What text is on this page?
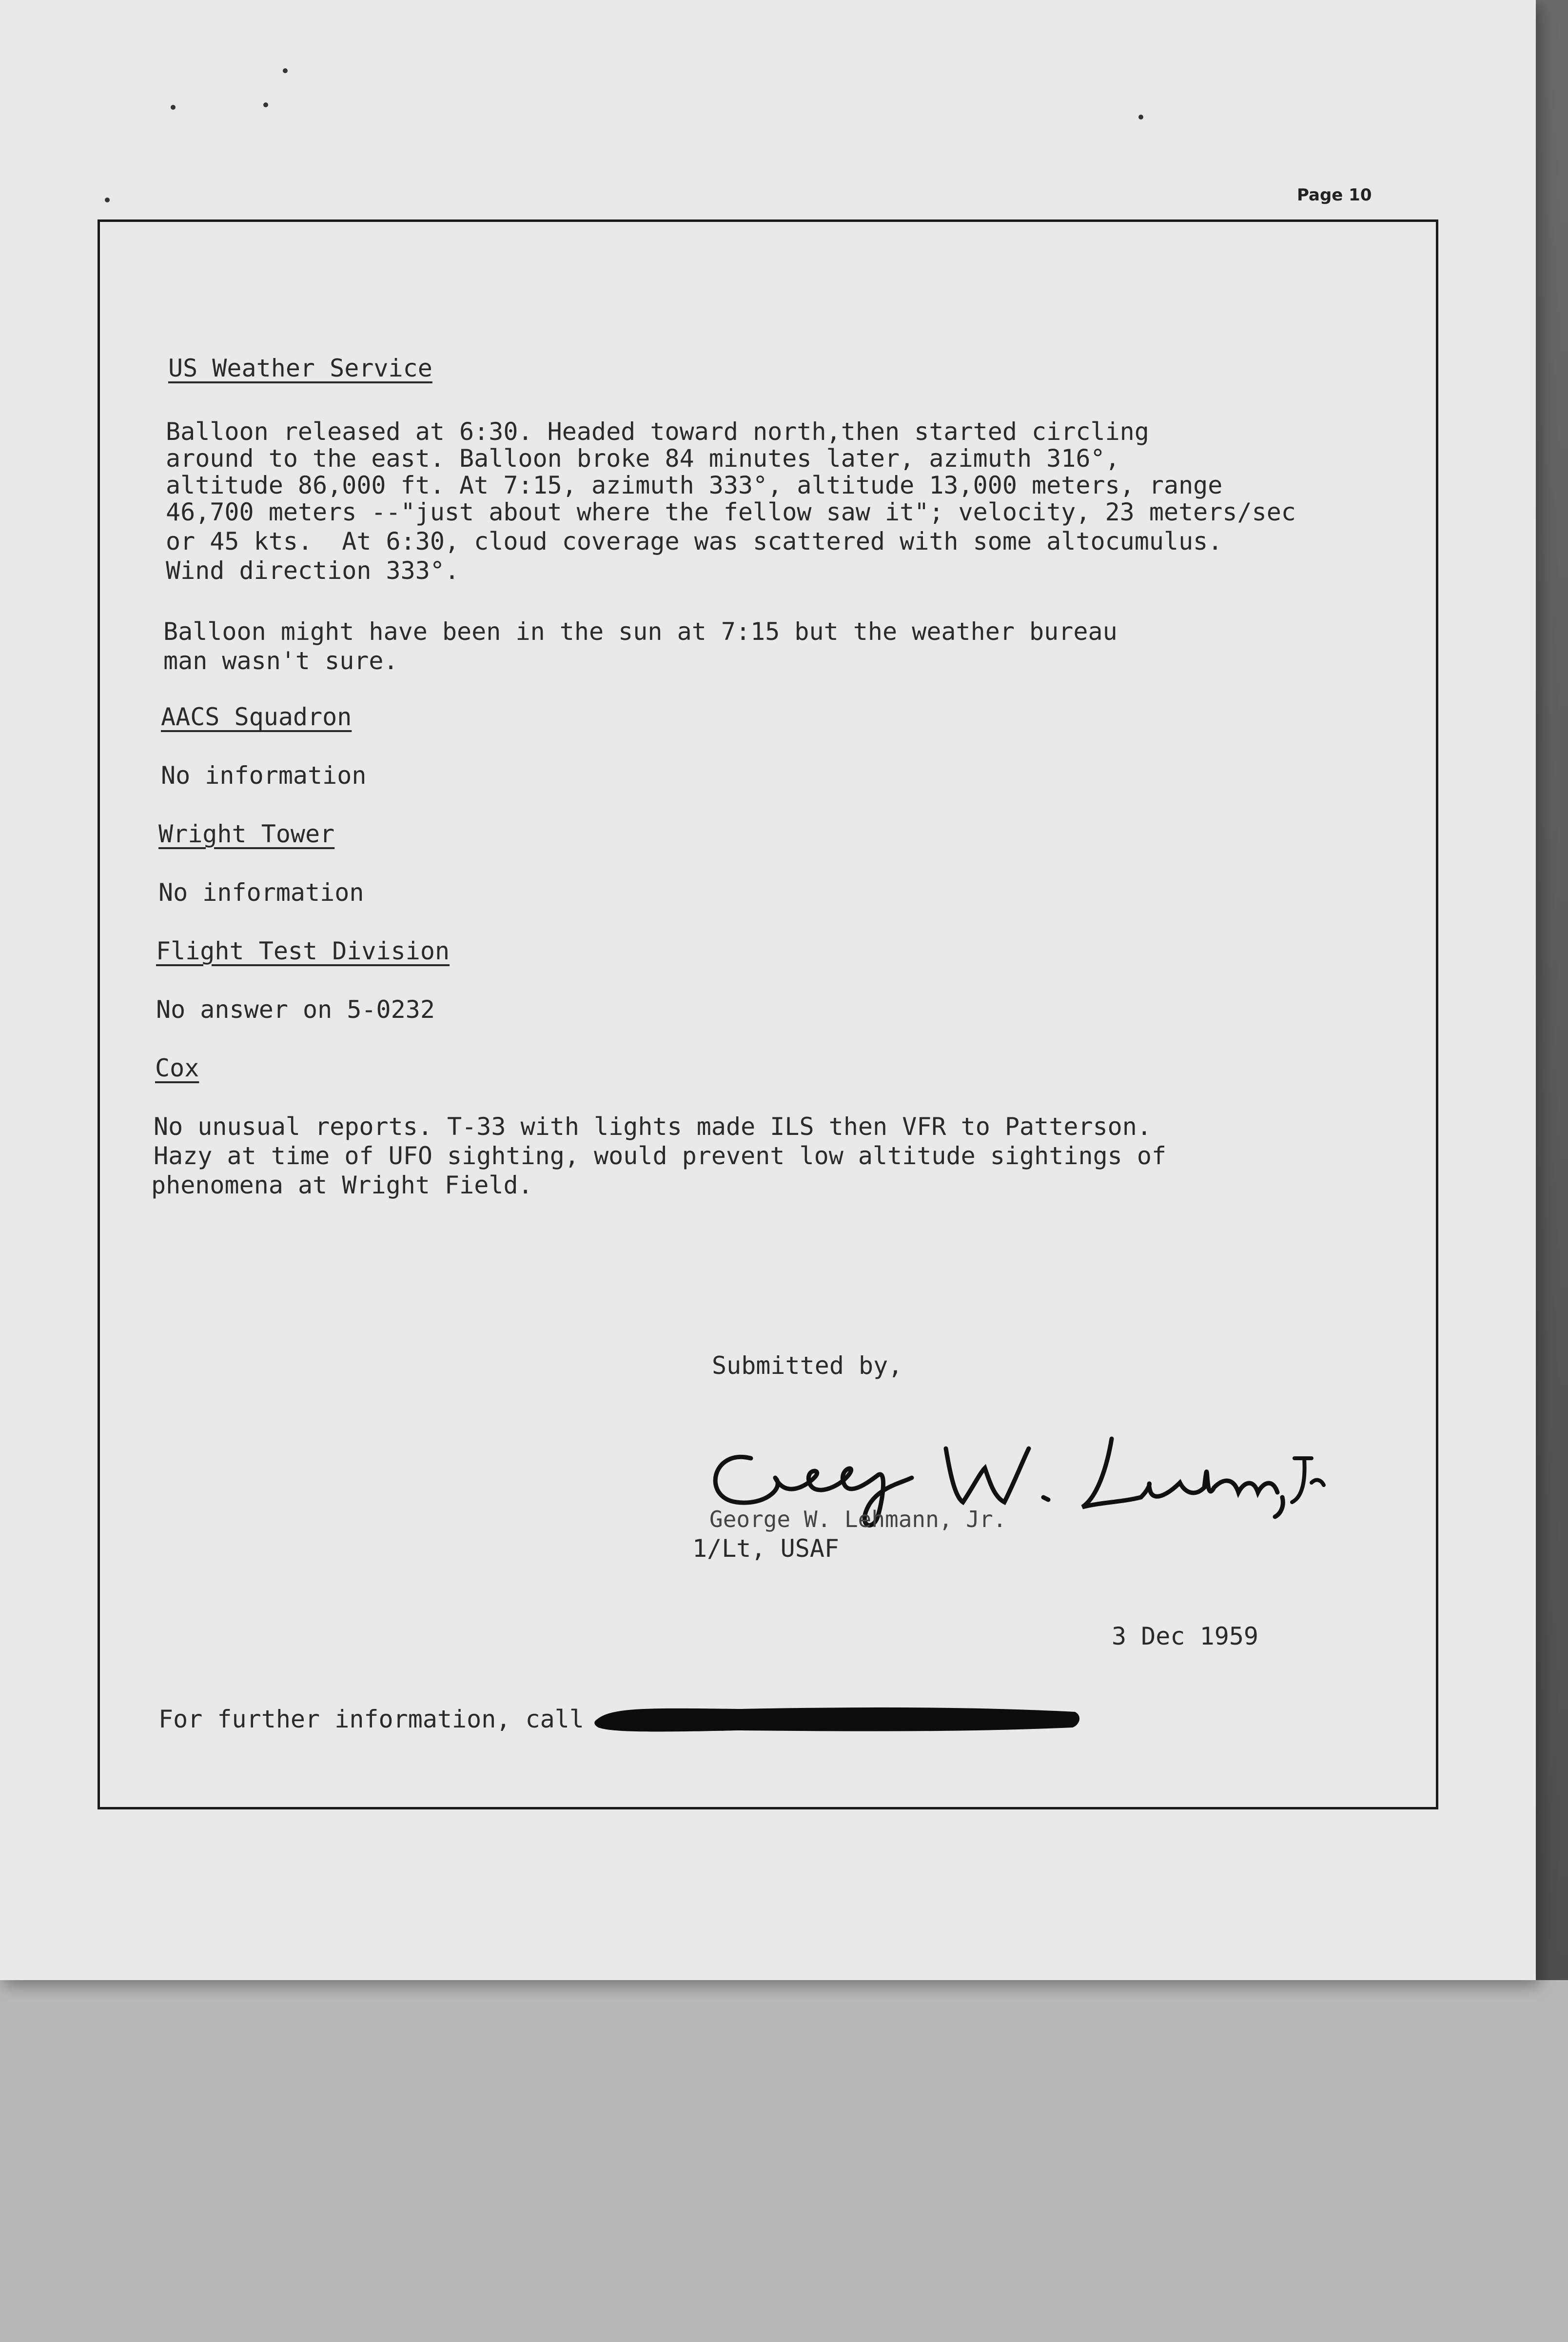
Page 10
US Weather Service
Balloon released at 6:30. Headed toward north,then started circling
around to the east. Balloon broke 84 minutes later, azimuth 316°,
altitude 86,000 ft. At 7:15, azimuth 333°, altitude 13,000 meters, range
46,700 meters --"just about where the fellow saw it"; velocity, 23 meters/sec
or 45 kts.  At 6:30, cloud coverage was scattered with some altocumulus.
Wind direction 333°.
Balloon might have been in the sun at 7:15 but the weather bureau
man wasn't sure.
AACS Squadron
No information
Wright Tower
No information
Flight Test Division
No answer on 5-0232
Cox
No unusual reports. T-33 with lights made ILS then VFR to Patterson.
Hazy at time of UFO sighting, would prevent low altitude sightings of
phenomena at Wright Field.
Submitted by,
George W. Lehmann, Jr.
1/Lt, USAF
3 Dec 1959
For further information, call
